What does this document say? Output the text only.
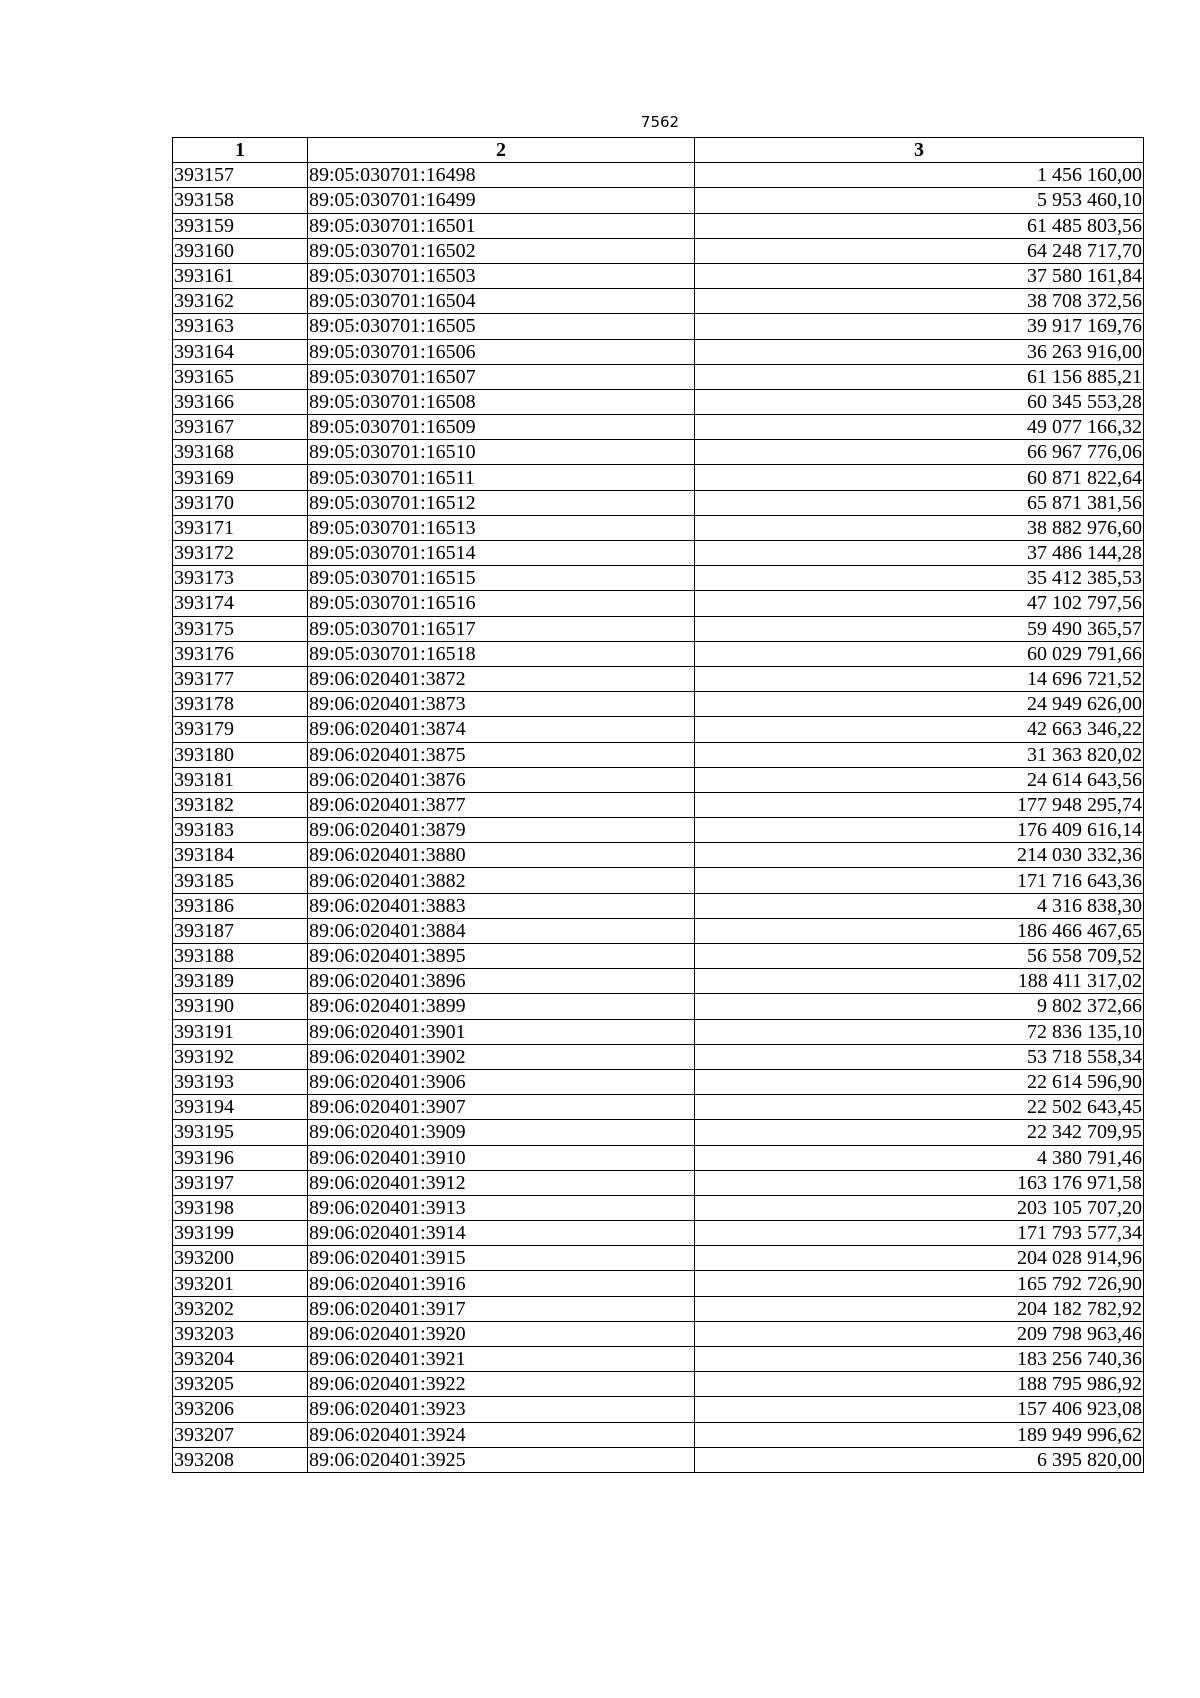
7562
1	2	3
393157	89:05:030701:16498	1 456 160,00
393158	89:05:030701:16499	5 953 460,10
393159	89:05:030701:16501	61 485 803,56
393160	89:05:030701:16502	64 248 717,70
393161	89:05:030701:16503	37 580 161,84
393162	89:05:030701:16504	38 708 372,56
393163	89:05:030701:16505	39 917 169,76
393164	89:05:030701:16506	36 263 916,00
393165	89:05:030701:16507	61 156 885,21
393166	89:05:030701:16508	60 345 553,28
393167	89:05:030701:16509	49 077 166,32
393168	89:05:030701:16510	66 967 776,06
393169	89:05:030701:16511	60 871 822,64
393170	89:05:030701:16512	65 871 381,56
393171	89:05:030701:16513	38 882 976,60
393172	89:05:030701:16514	37 486 144,28
393173	89:05:030701:16515	35 412 385,53
393174	89:05:030701:16516	47 102 797,56
393175	89:05:030701:16517	59 490 365,57
393176	89:05:030701:16518	60 029 791,66
393177	89:06:020401:3872	14 696 721,52
393178	89:06:020401:3873	24 949 626,00
393179	89:06:020401:3874	42 663 346,22
393180	89:06:020401:3875	31 363 820,02
393181	89:06:020401:3876	24 614 643,56
393182	89:06:020401:3877	177 948 295,74
393183	89:06:020401:3879	176 409 616,14
393184	89:06:020401:3880	214 030 332,36
393185	89:06:020401:3882	171 716 643,36
393186	89:06:020401:3883	4 316 838,30
393187	89:06:020401:3884	186 466 467,65
393188	89:06:020401:3895	56 558 709,52
393189	89:06:020401:3896	188 411 317,02
393190	89:06:020401:3899	9 802 372,66
393191	89:06:020401:3901	72 836 135,10
393192	89:06:020401:3902	53 718 558,34
393193	89:06:020401:3906	22 614 596,90
393194	89:06:020401:3907	22 502 643,45
393195	89:06:020401:3909	22 342 709,95
393196	89:06:020401:3910	4 380 791,46
393197	89:06:020401:3912	163 176 971,58
393198	89:06:020401:3913	203 105 707,20
393199	89:06:020401:3914	171 793 577,34
393200	89:06:020401:3915	204 028 914,96
393201	89:06:020401:3916	165 792 726,90
393202	89:06:020401:3917	204 182 782,92
393203	89:06:020401:3920	209 798 963,46
393204	89:06:020401:3921	183 256 740,36
393205	89:06:020401:3922	188 795 986,92
393206	89:06:020401:3923	157 406 923,08
393207	89:06:020401:3924	189 949 996,62
393208	89:06:020401:3925	6 395 820,00
